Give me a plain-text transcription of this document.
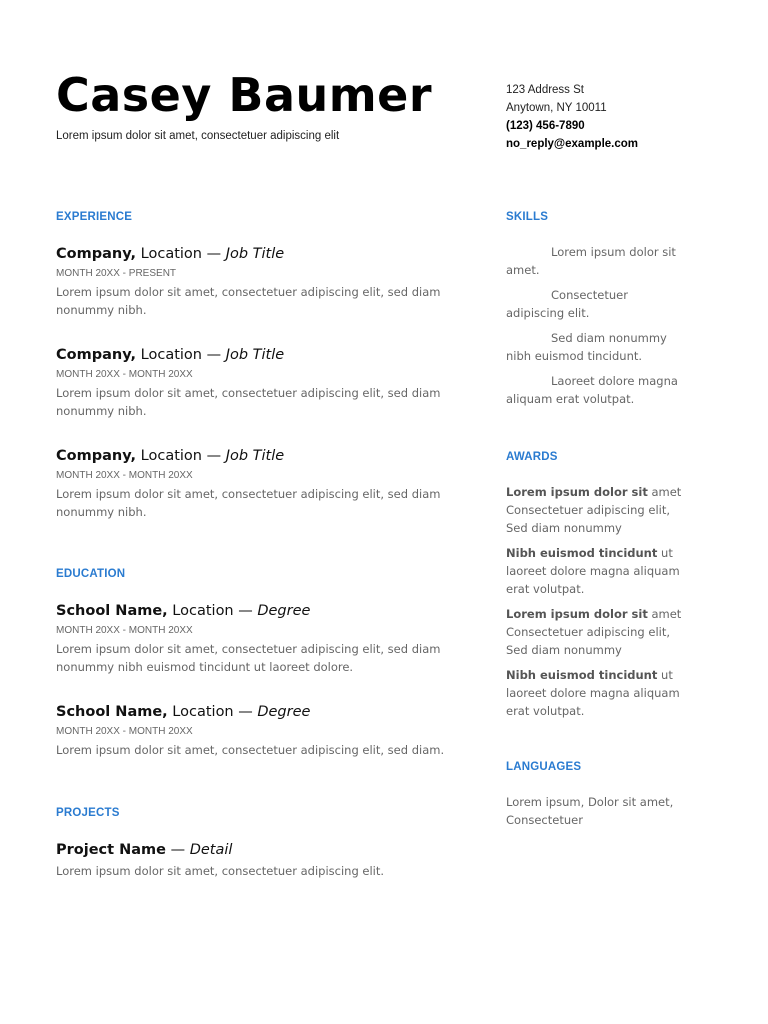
Casey Baumer
Lorem ipsum dolor sit amet, consectetuer adipiscing elit
123 Address St
Anytown, NY 10011
(123) 456-7890
no_reply@example.com
EXPERIENCE
Company, Location — Job Title
MONTH 20XX - PRESENT
Lorem ipsum dolor sit amet, consectetuer adipiscing elit, sed diam nonummy nibh.
Company, Location — Job Title
MONTH 20XX - MONTH 20XX
Lorem ipsum dolor sit amet, consectetuer adipiscing elit, sed diam nonummy nibh.
Company, Location — Job Title
MONTH 20XX - MONTH 20XX
Lorem ipsum dolor sit amet, consectetuer adipiscing elit, sed diam nonummy nibh.
EDUCATION
School Name, Location — Degree
MONTH 20XX - MONTH 20XX
Lorem ipsum dolor sit amet, consectetuer adipiscing elit, sed diam nonummy nibh euismod tincidunt ut laoreet dolore.
School Name, Location — Degree
MONTH 20XX - MONTH 20XX
Lorem ipsum dolor sit amet, consectetuer adipiscing elit, sed diam.
PROJECTS
Project Name — Detail
Lorem ipsum dolor sit amet, consectetuer adipiscing elit.
SKILLS
Lorem ipsum dolor sit amet.
Consectetuer adipiscing elit.
Sed diam nonummy nibh euismod tincidunt.
Laoreet dolore magna aliquam erat volutpat.
AWARDS
Lorem ipsum dolor sit amet Consectetuer adipiscing elit, Sed diam nonummy
Nibh euismod tincidunt ut laoreet dolore magna aliquam erat volutpat.
Lorem ipsum dolor sit amet Consectetuer adipiscing elit, Sed diam nonummy
Nibh euismod tincidunt ut laoreet dolore magna aliquam erat volutpat.
LANGUAGES
Lorem ipsum, Dolor sit amet, Consectetuer
